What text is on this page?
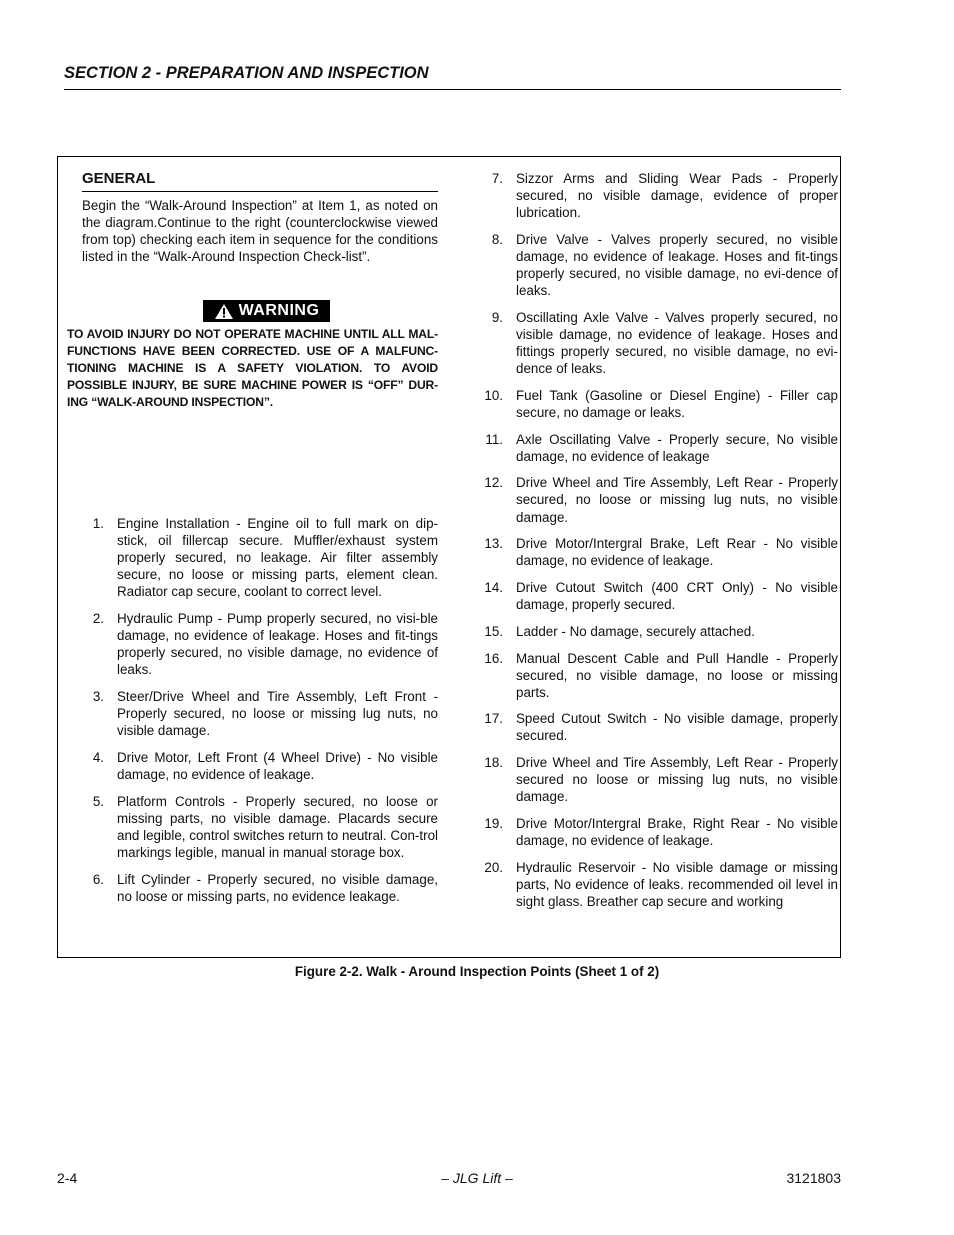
SECTION 2 - PREPARATION AND INSPECTION
GENERAL
Begin the “Walk-Around Inspection” at Item 1, as noted on the diagram.Continue to the right (counterclockwise viewed from top) checking each item in sequence for the conditions listed in the “Walk-Around Inspection Check-list”.
WARNING
TO AVOID INJURY DO NOT OPERATE MACHINE UNTIL ALL MAL-FUNCTIONS HAVE BEEN CORRECTED. USE OF A MALFUNC-TIONING MACHINE IS A SAFETY VIOLATION. TO AVOID POSSIBLE INJURY, BE SURE MACHINE POWER IS “OFF” DUR-ING “WALK-AROUND INSPECTION”.
1. Engine Installation - Engine oil to full mark on dip-stick, oil fillercap secure. Muffler/exhaust system properly secured, no leakage. Air filter assembly secure, no loose or missing parts, element clean. Radiator cap secure, coolant to correct level.
2. Hydraulic Pump - Pump properly secured, no visi-ble damage, no evidence of leakage. Hoses and fit-tings properly secured, no visible damage, no evidence of leaks.
3. Steer/Drive Wheel and Tire Assembly, Left Front - Properly secured, no loose or missing lug nuts, no visible damage.
4. Drive Motor, Left Front (4 Wheel Drive) - No visible damage, no evidence of leakage.
5. Platform Controls - Properly secured, no loose or missing parts, no visible damage. Placards secure and legible, control switches return to neutral. Con-trol markings legible, manual in manual storage box.
6. Lift Cylinder - Properly secured, no visible damage, no loose or missing parts, no evidence leakage.
7. Sizzor Arms and Sliding Wear Pads - Properly secured, no visible damage, evidence of proper lubrication.
8. Drive Valve - Valves properly secured, no visible damage, no evidence of leakage. Hoses and fit-tings properly secured, no visible damage, no evi-dence of leaks.
9. Oscillating Axle Valve - Valves properly secured, no visible damage, no evidence of leakage. Hoses and fittings properly secured, no visible damage, no evi-dence of leaks.
10. Fuel Tank (Gasoline or Diesel Engine) - Filler cap secure, no damage or leaks.
11. Axle Oscillating Valve - Properly secure, No visible damage, no evidence of leakage
12. Drive Wheel and Tire Assembly, Left Rear - Properly secured, no loose or missing lug nuts, no visible damage.
13. Drive Motor/Intergral Brake, Left Rear - No visible damage, no evidence of leakage.
14. Drive Cutout Switch (400 CRT Only) - No visible damage, properly secured.
15. Ladder - No damage, securely attached.
16. Manual Descent Cable and Pull Handle - Properly secured, no visible damage, no loose or missing parts.
17. Speed Cutout Switch - No visible damage, properly secured.
18. Drive Wheel and Tire Assembly, Left Rear - Properly secured no loose or missing lug nuts, no visible damage.
19. Drive Motor/Intergral Brake, Right Rear - No visible damage, no evidence of leakage.
20. Hydraulic Reservoir - No visible damage or missing parts, No evidence of leaks. recommended oil level in sight glass. Breather cap secure and working
Figure 2-2. Walk - Around Inspection Points (Sheet 1 of 2)
2-4	– JLG Lift –	3121803
